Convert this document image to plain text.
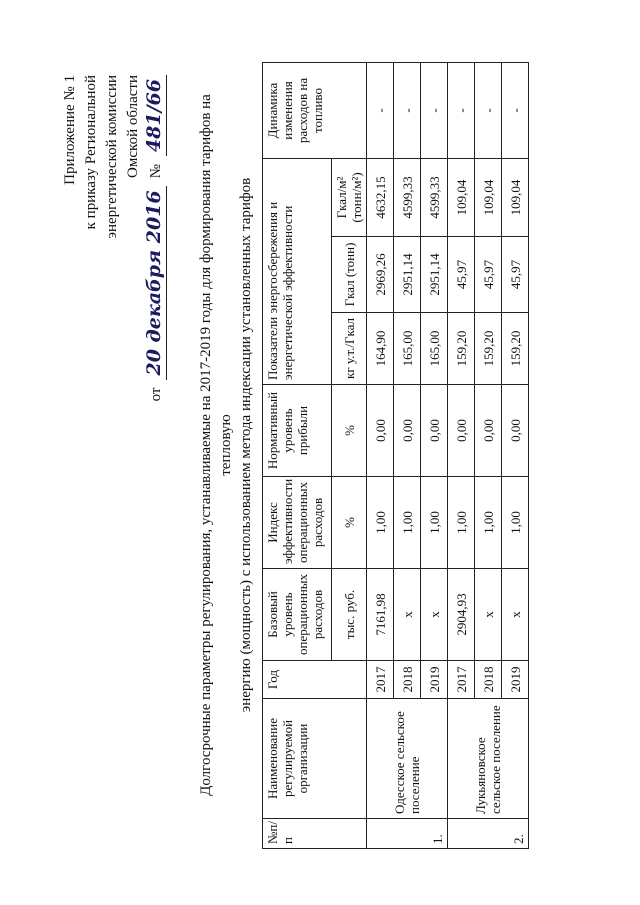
Приложение № 1 к приказу Региональной энергетической комиссии Омской области
от
20 декабря 2016
№
481/66 Долгосрочные параметры регулирования, устанавливаемые на 2017-2019 годы для формирования тарифов на тепловую энергию (мощность) с использованием метода индексации установленных тарифов
№п/п	Наименование регулируемой организации	Год	Базовый уровень операционных расходов	Индекс эффективности операционных расходов	Нормативный уровень прибыли	Показатели энергосбережения и энергетической эффективности			Динамика изменения расходов на топливо
			тыс. руб.	%	%	кг у.т./Гкал	Гкал (тонн)	Гкал/м² (тонн/м²)	
1.	Одесское сельское поселение	2017	7161,98	1,00	0,00	164,90	2969,26	4632,15	-
		2018	х	1,00	0,00	165,00	2951,14	4599,33	-
		2019	х	1,00	0,00	165,00	2951,14	4599,33	-
2.	Лукьяновское сельское поселение	2017	2904,93	1,00	0,00	159,20	45,97	109,04	-
		2018	х	1,00	0,00	159,20	45,97	109,04	-
		2019	х	1,00	0,00	159,20	45,97	109,04	-
